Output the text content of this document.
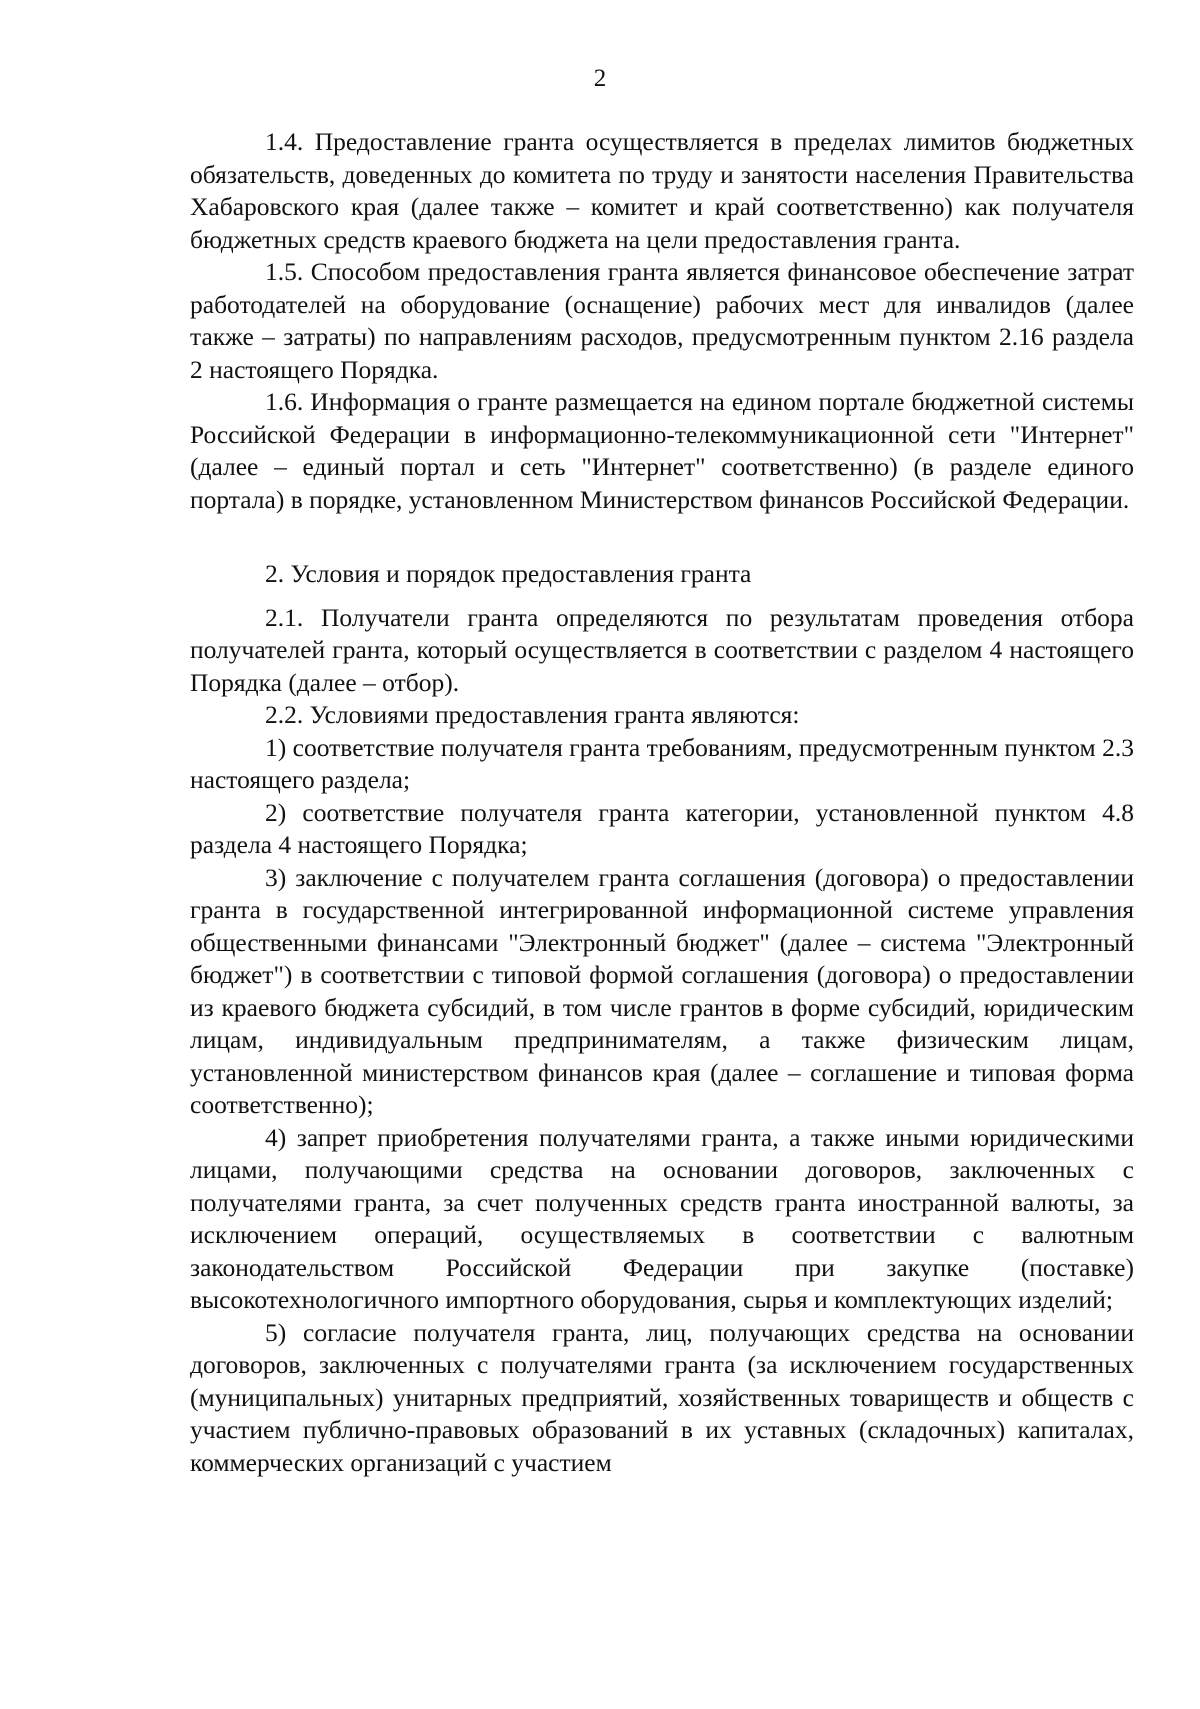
2

1.4. Предоставление гранта осуществляется в пределах лимитов бюджетных обязательств, доведенных до комитета по труду и занятости населения Правительства Хабаровского края (далее также – комитет и край соответственно) как получателя бюджетных средств краевого бюджета на цели предоставления гранта.

1.5. Способом предоставления гранта является финансовое обеспечение затрат работодателей на оборудование (оснащение) рабочих мест для инвалидов (далее также – затраты) по направлениям расходов, предусмотренным пунктом 2.16 раздела 2 настоящего Порядка.

1.6. Информация о гранте размещается на едином портале бюджетной системы Российской Федерации в информационно-телекоммуникационной сети "Интернет" (далее – единый портал и сеть "Интернет" соответственно) (в разделе единого портала) в порядке, установленном Министерством финансов Российской Федерации.

2. Условия и порядок предоставления гранта

2.1. Получатели гранта определяются по результатам проведения отбора получателей гранта, который осуществляется в соответствии с разделом 4 настоящего Порядка (далее – отбор).

2.2. Условиями предоставления гранта являются:

1) соответствие получателя гранта требованиям, предусмотренным пунктом 2.3 настоящего раздела;

2) соответствие получателя гранта категории, установленной пунктом 4.8 раздела 4 настоящего Порядка;

3) заключение с получателем гранта соглашения (договора) о предоставлении гранта в государственной интегрированной информационной системе управления общественными финансами "Электронный бюджет" (далее – система "Электронный бюджет") в соответствии с типовой формой соглашения (договора) о предоставлении из краевого бюджета субсидий, в том числе грантов в форме субсидий, юридическим лицам, индивидуальным предпринимателям, а также физическим лицам, установленной министерством финансов края (далее – соглашение и типовая форма соответственно);

4) запрет приобретения получателями гранта, а также иными юридическими лицами, получающими средства на основании договоров, заключенных с получателями гранта, за счет полученных средств гранта иностранной валюты, за исключением операций, осуществляемых в соответствии с валютным законодательством Российской Федерации при закупке (поставке) высокотехнологичного импортного оборудования, сырья и комплектующих изделий;

5) согласие получателя гранта, лиц, получающих средства на основании договоров, заключенных с получателями гранта (за исключением государственных (муниципальных) унитарных предприятий, хозяйственных товариществ и обществ с участием публично-правовых образований в их уставных (складочных) капиталах, коммерческих организаций с участием
